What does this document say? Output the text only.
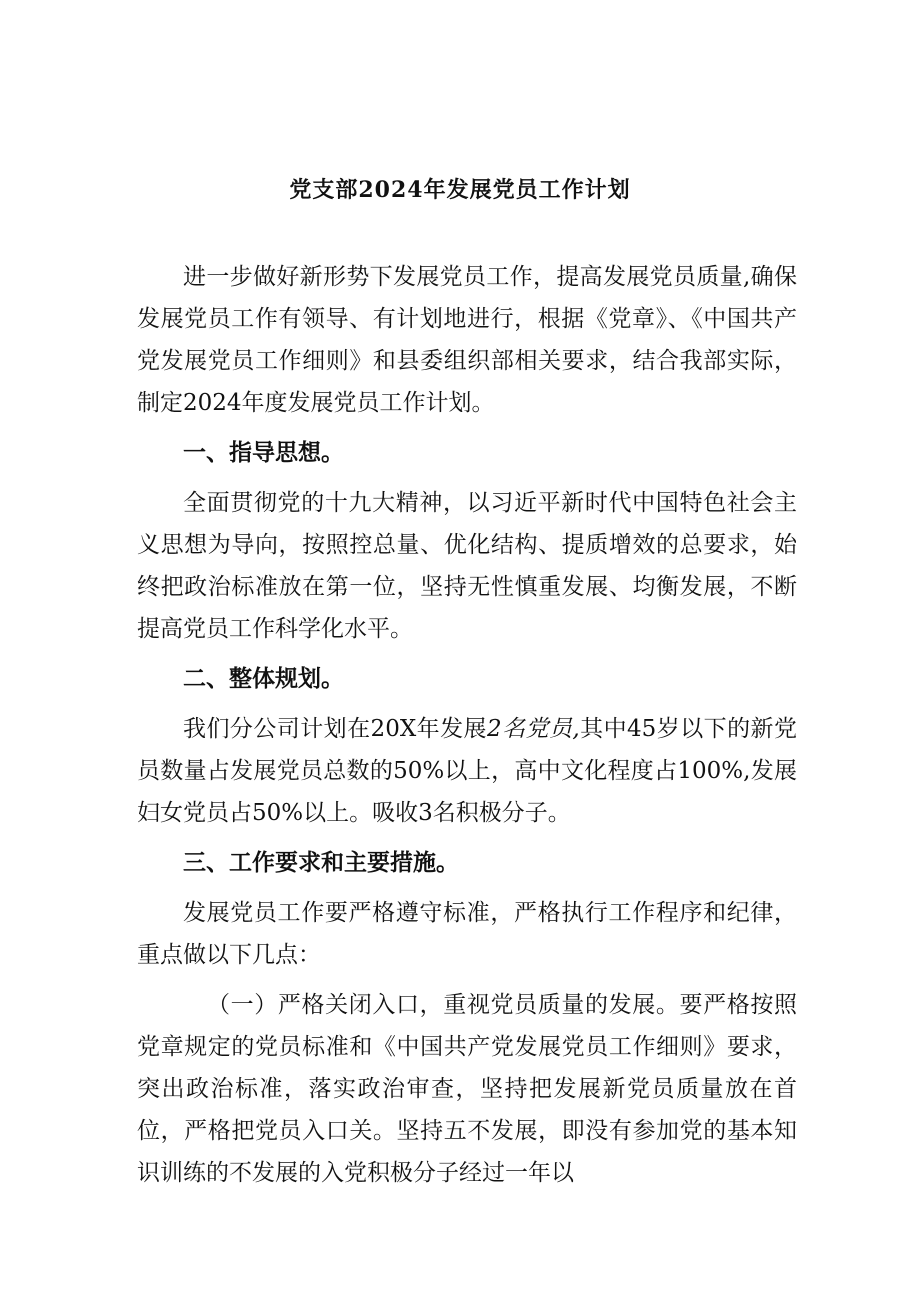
党支部2024年发展党员工作计划

进一步做好新形势下发展党员工作，提高发展党员质量,确保发展党员工作有领导、有计划地进行，根据《党章》、《中国共产党发展党员工作细则》和县委组织部相关要求，结合我部实际，制定2024年度发展党员工作计划。

一、指导思想。

全面贯彻党的十九大精神，以习近平新时代中国特色社会主义思想为导向，按照控总量、优化结构、提质增效的总要求，始终把政治标准放在第一位，坚持无性慎重发展、均衡发展，不断提高党员工作科学化水平。

二、整体规划。

我们分公司计划在20X年发展2名党员,其中45岁以下的新党员数量占发展党员总数的50%以上，高中文化程度占100%,发展妇女党员占50%以上。吸收3名积极分子。

三、工作要求和主要措施。

发展党员工作要严格遵守标准，严格执行工作程序和纪律，重点做以下几点：

（一）严格关闭入口，重视党员质量的发展。要严格按照党章规定的党员标准和《中国共产党发展党员工作细则》要求，突出政治标准，落实政治审查，坚持把发展新党员质量放在首位，严格把党员入口关。坚持五不发展，即没有参加党的基本知识训练的不发展的入党积极分子经过一年以
